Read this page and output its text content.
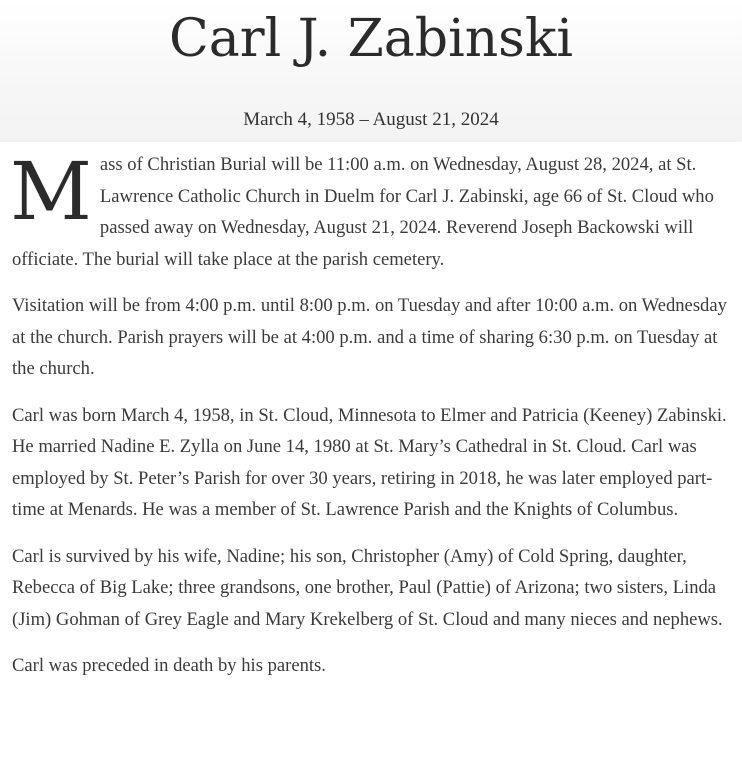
Carl J. Zabinski
March 4, 1958 – August 21, 2024

Mass of Christian Burial will be 11:00 a.m. on Wednesday, August 28, 2024, at St. Lawrence Catholic Church in Duelm for Carl J. Zabinski, age 66 of St. Cloud who passed away on Wednesday, August 21, 2024. Reverend Joseph Backowski will officiate. The burial will take place at the parish cemetery.

Visitation will be from 4:00 p.m. until 8:00 p.m. on Tuesday and after 10:00 a.m. on Wednesday at the church. Parish prayers will be at 4:00 p.m. and a time of sharing 6:30 p.m. on Tuesday at the church.

Carl was born March 4, 1958, in St. Cloud, Minnesota to Elmer and Patricia (Keeney) Zabinski. He married Nadine E. Zylla on June 14, 1980 at St. Mary’s Cathedral in St. Cloud. Carl was employed by St. Peter’s Parish for over 30 years, retiring in 2018, he was later employed part-time at Menards. He was a member of St. Lawrence Parish and the Knights of Columbus.

Carl is survived by his wife, Nadine; his son, Christopher (Amy) of Cold Spring, daughter, Rebecca of Big Lake; three grandsons, one brother, Paul (Pattie) of Arizona; two sisters, Linda (Jim) Gohman of Grey Eagle and Mary Krekelberg of St. Cloud and many nieces and nephews.

Carl was preceded in death by his parents.
